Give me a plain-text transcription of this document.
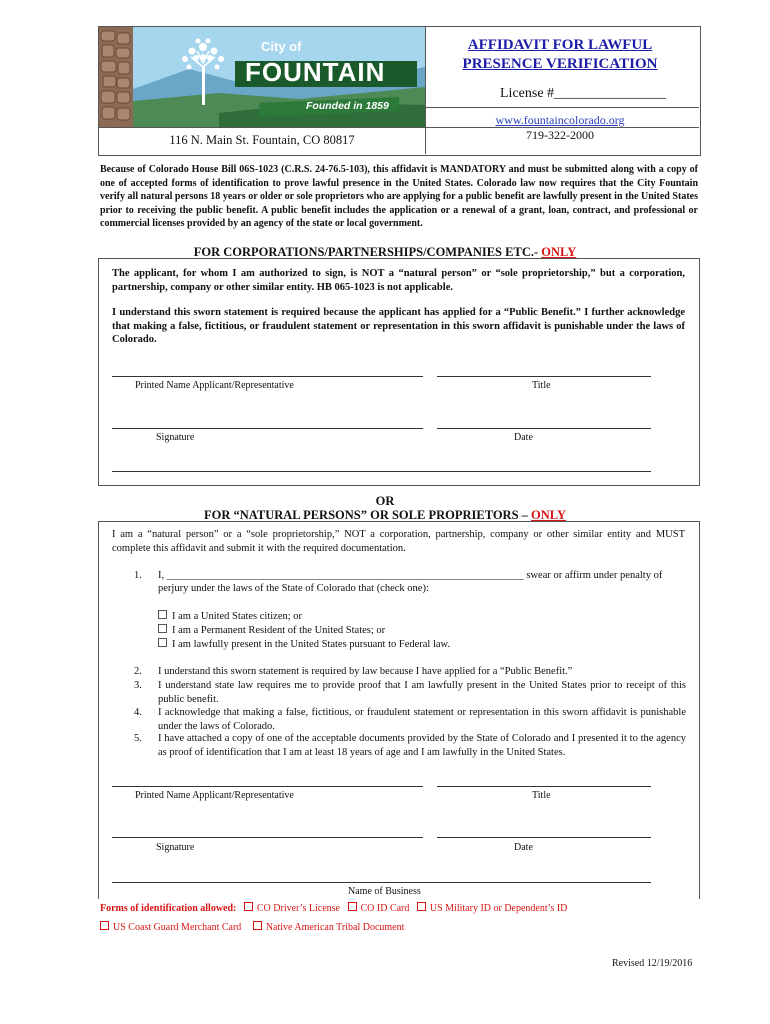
City of
FOUNTAIN
Founded in 1859
AFFIDAVIT FOR LAWFUL
PRESENCE VERIFICATION
License #________________
www.fountaincolorado.org
719-322-2000
116 N. Main St. Fountain, CO 80817
Because of Colorado House Bill 06S-1023 (C.R.S. 24-76.5-103), this affidavit is MANDATORY and must be submitted along with a copy of one of accepted forms of identification to prove lawful presence in the United States. Colorado law now requires that the City Fountain verify all natural persons 18 years or older or sole proprietors who are applying for a public benefit are lawfully present in the United States prior to receiving the public benefit. A public benefit includes the application or a renewal of a grant, loan, contract, and professional or commercial licenses provided by an agency of the state or local government.
FOR CORPORATIONS/PARTNERSHIPS/COMPANIES ETC.- ONLY
The applicant, for whom I am authorized to sign, is NOT a “natural person” or “sole proprietorship,” but a corporation, partnership, company or other similar entity. HB 065-1023 is not applicable.
I understand this sworn statement is required because the applicant has applied for a “Public Benefit.” I further acknowledge that making a false, fictitious, or fraudulent statement or representation in this sworn affidavit is punishable under the laws of Colorado.
Printed Name Applicant/Representative	Title
Signature	Date
OR
FOR “NATURAL PERSONS” OR SOLE PROPRIETORS – ONLY
I am a “natural person” or a “sole proprietorship,” NOT a corporation, partnership, company or other similar entity and MUST complete this affidavit and submit it with the required documentation.
1. I, ____________________________________________________________________ swear or affirm under penalty of
perjury under the laws of the State of Colorado that (check one):
I am a United States citizen; or
I am a Permanent Resident of the United States; or
I am lawfully present in the United States pursuant to Federal law.
2. I understand this sworn statement is required by law because I have applied for a “Public Benefit.”
3. I understand state law requires me to provide proof that I am lawfully present in the United States prior to receipt of this public benefit.
4. I acknowledge that making a false, fictitious, or fraudulent statement or representation in this sworn affidavit is punishable under the laws of Colorado.
5. I have attached a copy of one of the acceptable documents provided by the State of Colorado and I presented it to the agency as proof of identification that I am at least 18 years of age and I am lawfully in the United States.
Printed Name Applicant/Representative	Title
Signature	Date
Name of Business
Forms of identification allowed: CO Driver’s License CO ID Card US Military ID or Dependent’s ID
US Coast Guard Merchant Card Native American Tribal Document
Revised 12/19/2016
